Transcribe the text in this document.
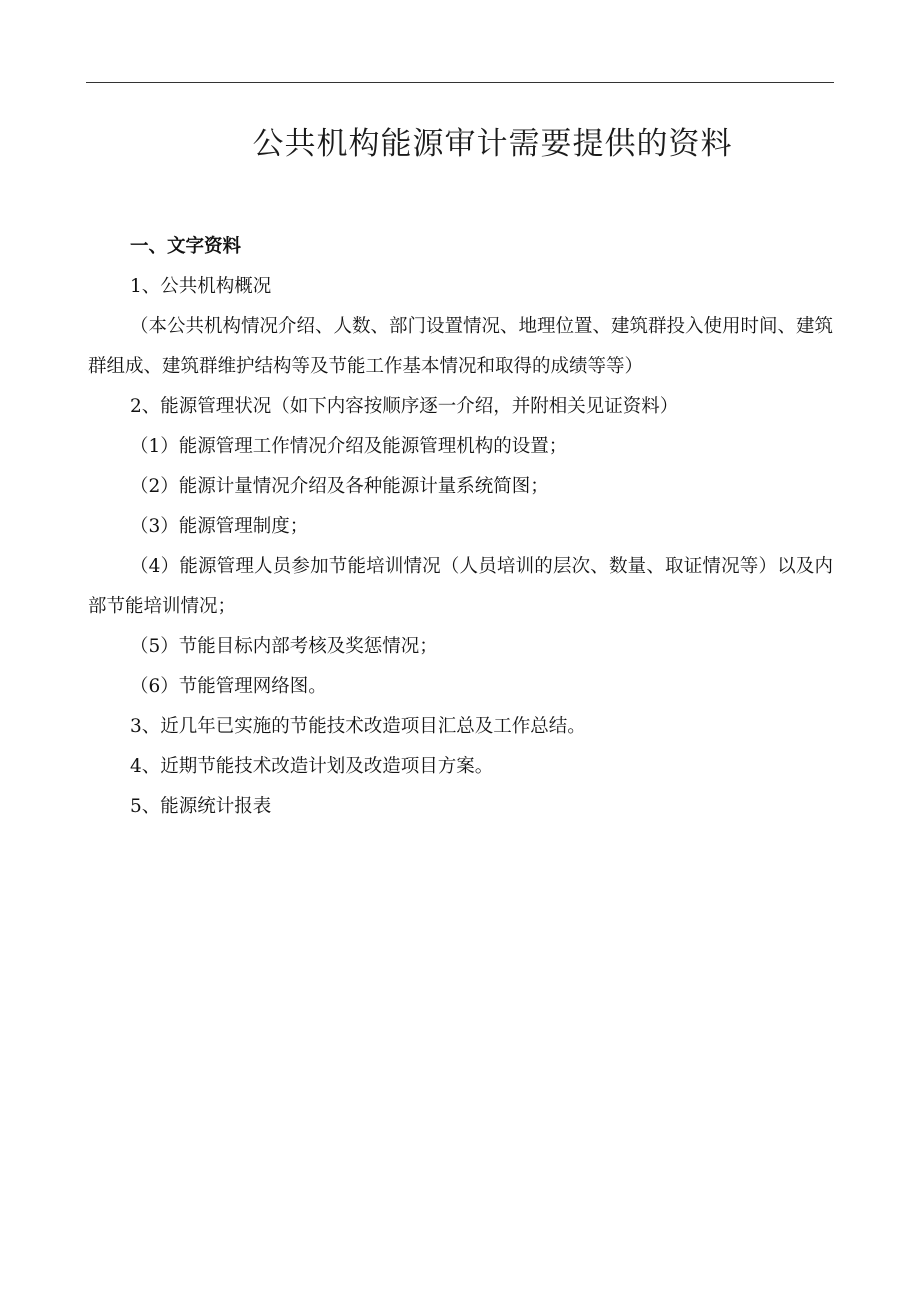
公共机构能源审计需要提供的资料
一、文字资料
1、公共机构概况
（本公共机构情况介绍、人数、部门设置情况、地理位置、建筑群投入使用时间、建筑群组成、建筑群维护结构等及节能工作基本情况和取得的成绩等等）
2、能源管理状况（如下内容按顺序逐一介绍，并附相关见证资料）
（1）能源管理工作情况介绍及能源管理机构的设置；
（2）能源计量情况介绍及各种能源计量系统简图；
（3）能源管理制度；
（4）能源管理人员参加节能培训情况（人员培训的层次、数量、取证情况等）以及内部节能培训情况；
（5）节能目标内部考核及奖惩情况；
（6）节能管理网络图。
3、近几年已实施的节能技术改造项目汇总及工作总结。
4、近期节能技术改造计划及改造项目方案。
5、能源统计报表
